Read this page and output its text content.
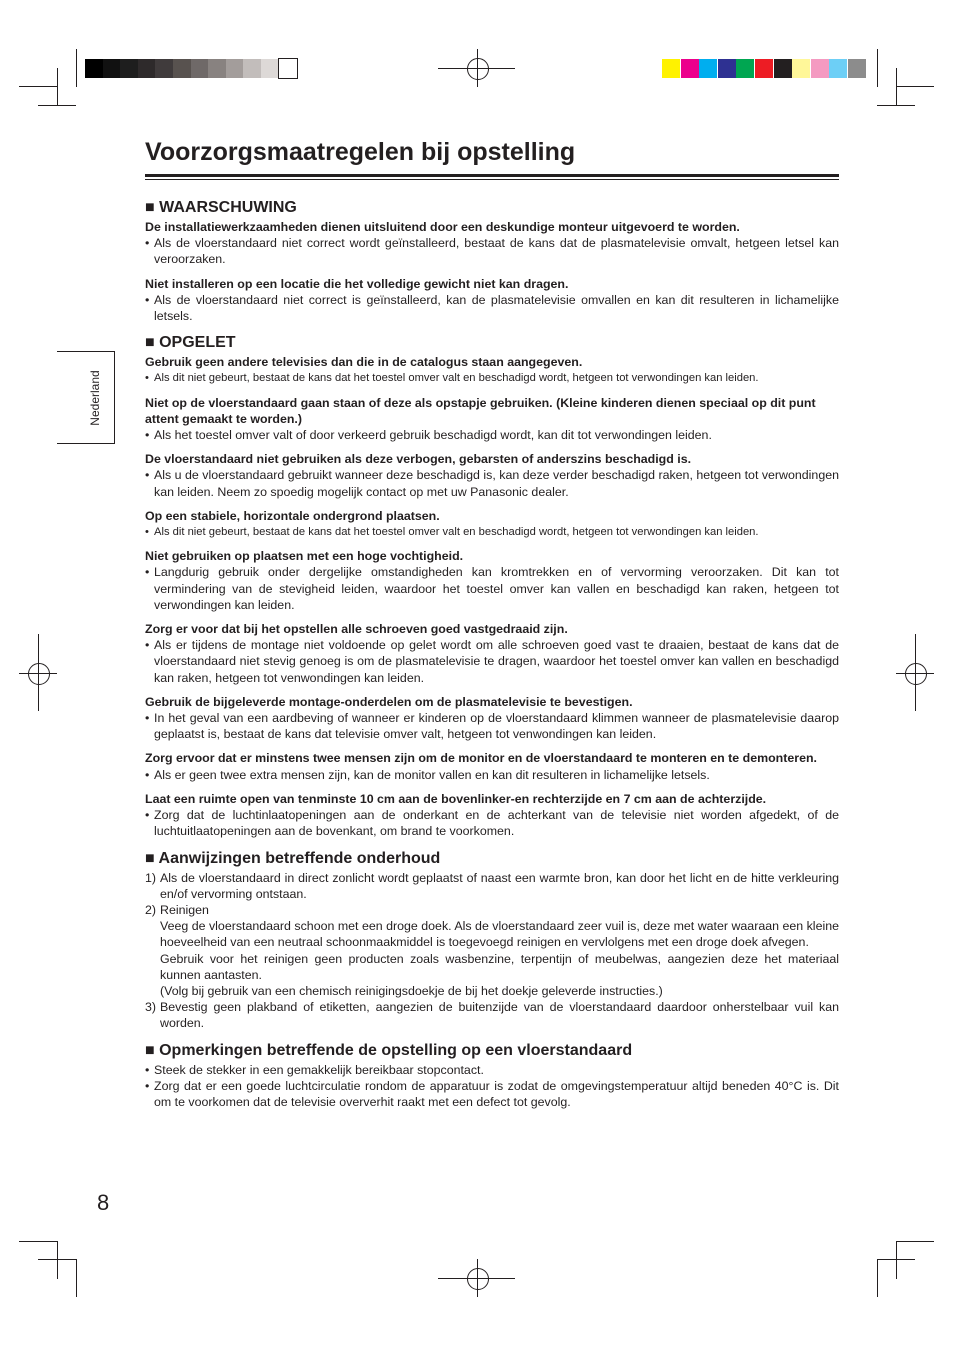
Voorzorgsmaatregelen bij opstelling
Nederland

■ WAARSCHUWING

De installatiewerkzaamheden dienen uitsluitend door een deskundige monteur uitgevoerd te worden.

• Als de vloerstandaard niet correct wordt geïnstalleerd, bestaat de kans dat de plasmatelevisie omvalt, hetgeen letsel kan veroorzaken.

Niet installeren op een locatie die het volledige gewicht niet kan dragen.

• Als de vloerstandaard niet correct is geïnstalleerd, kan de plasmatelevisie omvallen en kan dit resulteren in lichamelijke letsels.

■ OPGELET

Gebruik geen andere televisies dan die in de catalogus staan aangegeven.

• Als dit niet gebeurt, bestaat de kans dat het toestel omver valt en beschadigd wordt, hetgeen tot verwondingen kan leiden.

Niet op de vloerstandaard gaan staan of deze als opstapje gebruiken. (Kleine kinderen dienen speciaal op dit punt attent gemaakt te worden.)

• Als het toestel omver valt of door verkeerd gebruik beschadigd wordt, kan dit tot verwondingen leiden.

De vloerstandaard niet gebruiken als deze verbogen, gebarsten of anderszins beschadigd is.

• Als u de vloerstandaard gebruikt wanneer deze beschadigd is, kan deze verder beschadigd raken, hetgeen tot verwondingen kan leiden. Neem zo spoedig mogelijk contact op met uw Panasonic dealer.

Op een stabiele, horizontale ondergrond plaatsen.

• Als dit niet gebeurt, bestaat de kans dat het toestel omver valt en beschadigd wordt, hetgeen tot verwondingen kan leiden.

Niet gebruiken op plaatsen met een hoge vochtigheid.

• Langdurig gebruik onder dergelijke omstandigheden kan kromtrekken en of vervorming veroorzaken. Dit kan tot vermindering van de stevigheid leiden, waardoor het toestel omver kan vallen en beschadigd kan raken, hetgeen tot verwondingen kan leiden.

Zorg er voor dat bij het opstellen alle schroeven goed vastgedraaid zijn.

• Als er tijdens de montage niet voldoende op gelet wordt om alle schroeven goed vast te draaien, bestaat de kans dat de vloerstandaard niet stevig genoeg is om de plasmatelevisie te dragen, waardoor het toestel omver kan vallen en beschadigd kan raken, hetgeen tot venwondingen kan leiden.

Gebruik de bijgeleverde montage-onderdelen om de plasmatelevisie te bevestigen.

• In het geval van een aardbeving of wanneer er kinderen op de vloerstandaard klimmen wanneer de plasmatelevisie daarop geplaatst is, bestaat de kans dat televisie omver valt, hetgeen tot venwondingen kan leiden.

Zorg ervoor dat er minstens twee mensen zijn om de monitor en de vloerstandaard te monteren en te demonteren.

• Als er geen twee extra mensen zijn, kan de monitor vallen en kan dit resulteren in lichamelijke letsels.

Laat een ruimte open van tenminste 10 cm aan de bovenlinker-en rechterzijde en 7 cm aan de achterzijde.

• Zorg dat de luchtinlaatopeningen aan de onderkant en de achterkant van de televisie niet worden afgedekt, of de luchtuitlaatopeningen aan de bovenkant, om brand te voorkomen.

■ Aanwijzingen betreffende onderhoud

1) Als de vloerstandaard in direct zonlicht wordt geplaatst of naast een warmte bron, kan door het licht en de hitte verkleuring en/of vervorming ontstaan.

2) Reinigen

Veeg de vloerstandaard schoon met een droge doek. Als de vloerstandaard zeer vuil is, deze met water waaraan een kleine hoeveelheid van een neutraal schoonmaakmiddel is toegevoegd reinigen en vervlolgens met een droge doek afvegen.

Gebruik voor het reinigen geen producten zoals wasbenzine, terpentijn of meubelwas, aangezien deze het materiaal kunnen aantasten.

(Volg bij gebruik van een chemisch reinigingsdoekje de bij het doekje geleverde instructies.)

3) Bevestig geen plakband of etiketten, aangezien de buitenzijde van de vloerstandaard daardoor onherstelbaar vuil kan worden.

■ Opmerkingen betreffende de opstelling op een vloerstandaard

• Steek de stekker in een gemakkelijk bereikbaar stopcontact.
• Zorg dat er een goede luchtcirculatie rondom de apparatuur is zodat de omgevingstemperatuur altijd beneden 40°C is. Dit om te voorkomen dat de televisie oververhit raakt met een defect tot gevolg.
8
